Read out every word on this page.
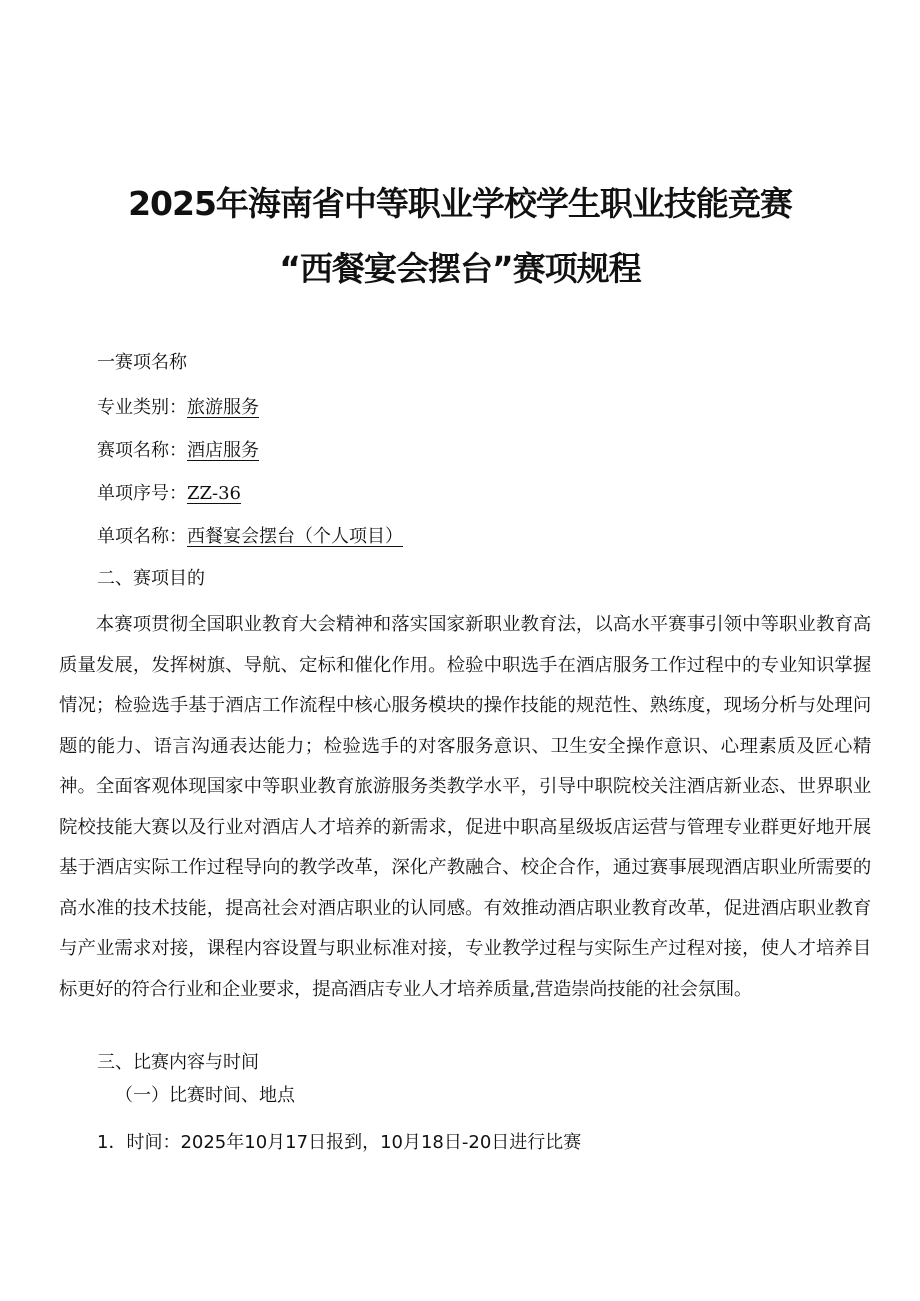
2025年海南省中等职业学校学生职业技能竞赛
“西餐宴会摆台”赛项规程
一赛项名称
专业类别：旅游服务
赛项名称：酒店服务
单项序号：ZZ-36
单项名称：西餐宴会摆台（个人项目）
二、赛项目的
本赛项贯彻全国职业教育大会精神和落实国家新职业教育法，以高水平赛事引领中等职业教育高质量发展，发挥树旗、导航、定标和催化作用。检验中职选手在酒店服务工作过程中的专业知识掌握情况；检验选手基于酒店工作流程中核心服务模块的操作技能的规范性、熟练度，现场分析与处理问题的能力、语言沟通表达能力；检验选手的对客服务意识、卫生安全操作意识、心理素质及匠心精神。全面客观体现国家中等职业教育旅游服务类教学水平，引导中职院校关注酒店新业态、世界职业院校技能大赛以及行业对酒店人才培养的新需求，促进中职高星级坂店运营与管理专业群更好地开展基于酒店实际工作过程导向的教学改革，深化产教融合、校企合作，通过赛事展现酒店职业所需要的高水准的技术技能，提高社会对酒店职业的认同感。有效推动酒店职业教育改革，促进酒店职业教育与产业需求对接，课程内容设置与职业标准对接，专业教学过程与实际生产过程对接，使人才培养目标更好的符合行业和企业要求，提高酒店专业人才培养质量,营造崇尚技能的社会氛围。
三、比赛内容与时间
（一）比赛时间、地点
1．时间：2025年10月17日报到，10月18日-20日进行比赛
